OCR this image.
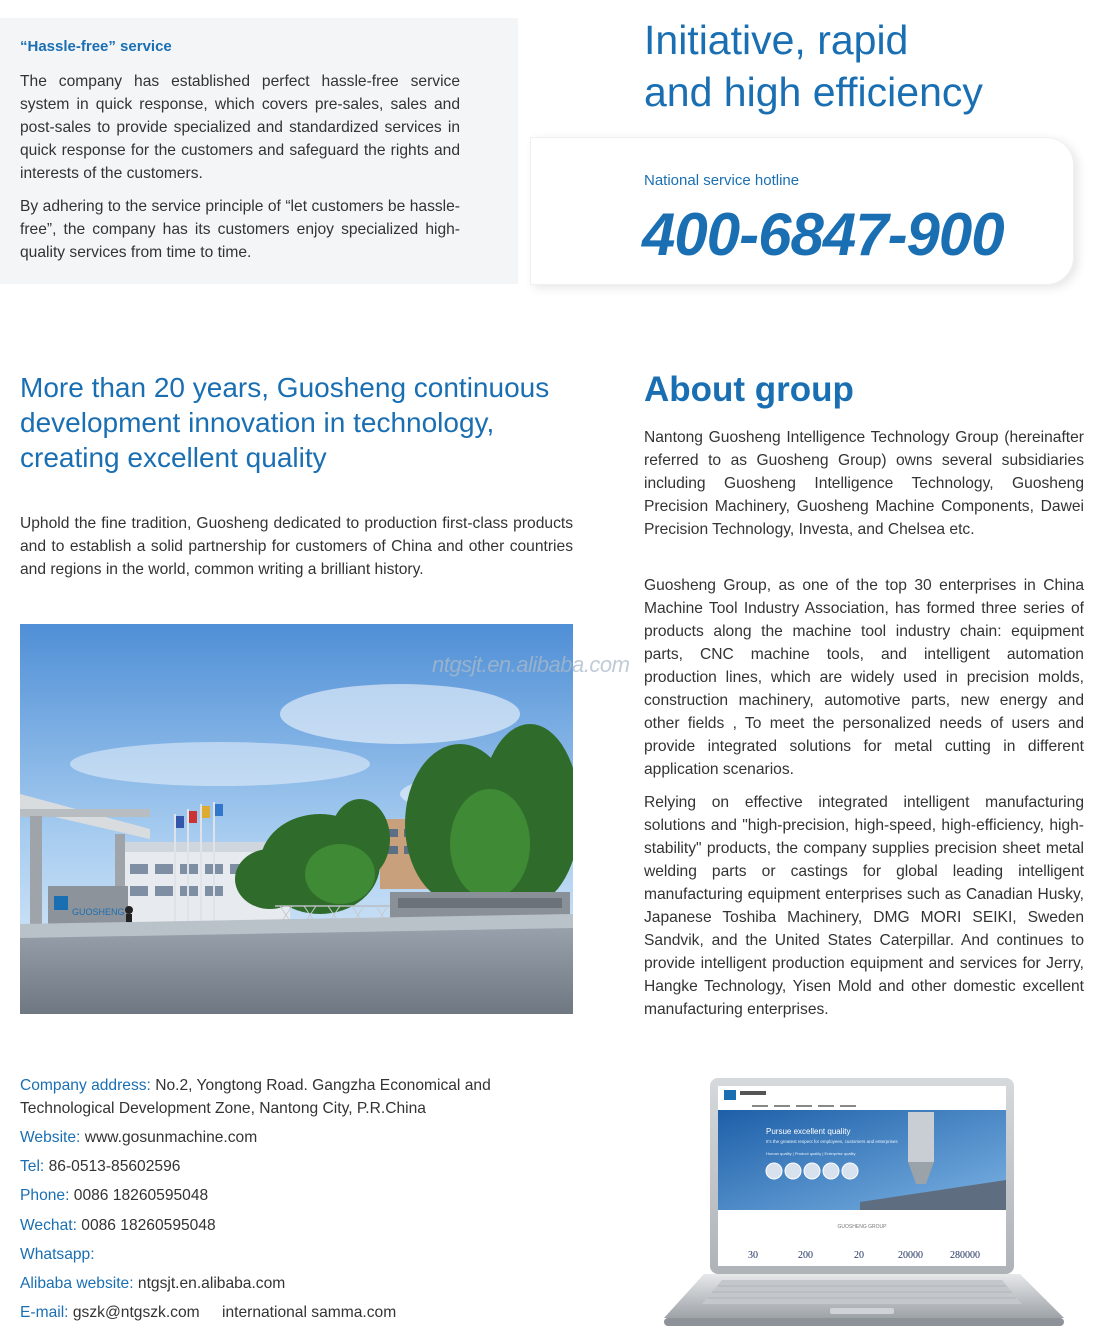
“Hassle-free” service

The company has established perfect hassle-free service system in quick response, which covers pre-sales, sales and post-sales to provide specialized and standardized services in quick response for the customers and safeguard the rights and interests of the customers.

By adhering to the service principle of “let customers be hassle-free”, the company has its customers enjoy specialized high-quality services from time to time.

Initiative, rapid
and high efficiency
National service hotline
400-6847-900
More than 20 years, Guosheng continuous
development innovation in technology,
creating excellent quality

Uphold the fine tradition, Guosheng dedicated to production first-class products and to establish a solid partnership for customers of China and other countries and regions in the world, common writing a brilliant history.

GUOSHENG
ntgsjt.en.alibaba.com
About group

Nantong Guosheng Intelligence Technology Group (hereinafter referred to as Guosheng Group) owns several subsidiaries including Guosheng Intelligence Technology, Guosheng Precision Machinery, Guosheng Machine Components, Dawei Precision Technology, Investa, and Chelsea etc.

Guosheng Group, as one of the top 30 enterprises in China Machine Tool Industry Association, has formed three series of products along the machine tool industry chain: equipment parts, CNC machine tools, and intelligent automation production lines, which are widely used in precision molds, construction machinery, automotive parts, new energy and other fields , To meet the personalized needs of users and provide integrated solutions for metal cutting in different application scenarios.

Relying on effective integrated intelligent manufacturing solutions and "high-precision, high-speed, high-efficiency, high-stability" products, the company supplies precision sheet metal welding parts or castings for global leading intelligent manufacturing equipment enterprises such as Canadian Husky, Japanese Toshiba Machinery, DMG MORI SEIKI, Sweden Sandvik, and the United States Caterpillar. And continues to provide intelligent production equipment and services for Jerry, Hangke Technology, Yisen Mold and other domestic excellent manufacturing enterprises.

Company address: No.2, Yongtong Road. Gangzha Economical and Technological Development Zone, Nantong City, P.R.China

Website: www.gosunmachine.com

Tel: 86-0513-85602596

Phone: 0086 18260595048

Wechat: 0086 18260595048

Whatsapp:

Alibaba website: ntgsjt.en.alibaba.com

E-mail: gszk@ntgszk.com international samma.com

Pursue excellent quality
It's the greatest respect for employees, customers and enterprises
Human quality | Product quality | Enterprise quality
GUOSHENG GROUP
30	200	20	20000	280000
